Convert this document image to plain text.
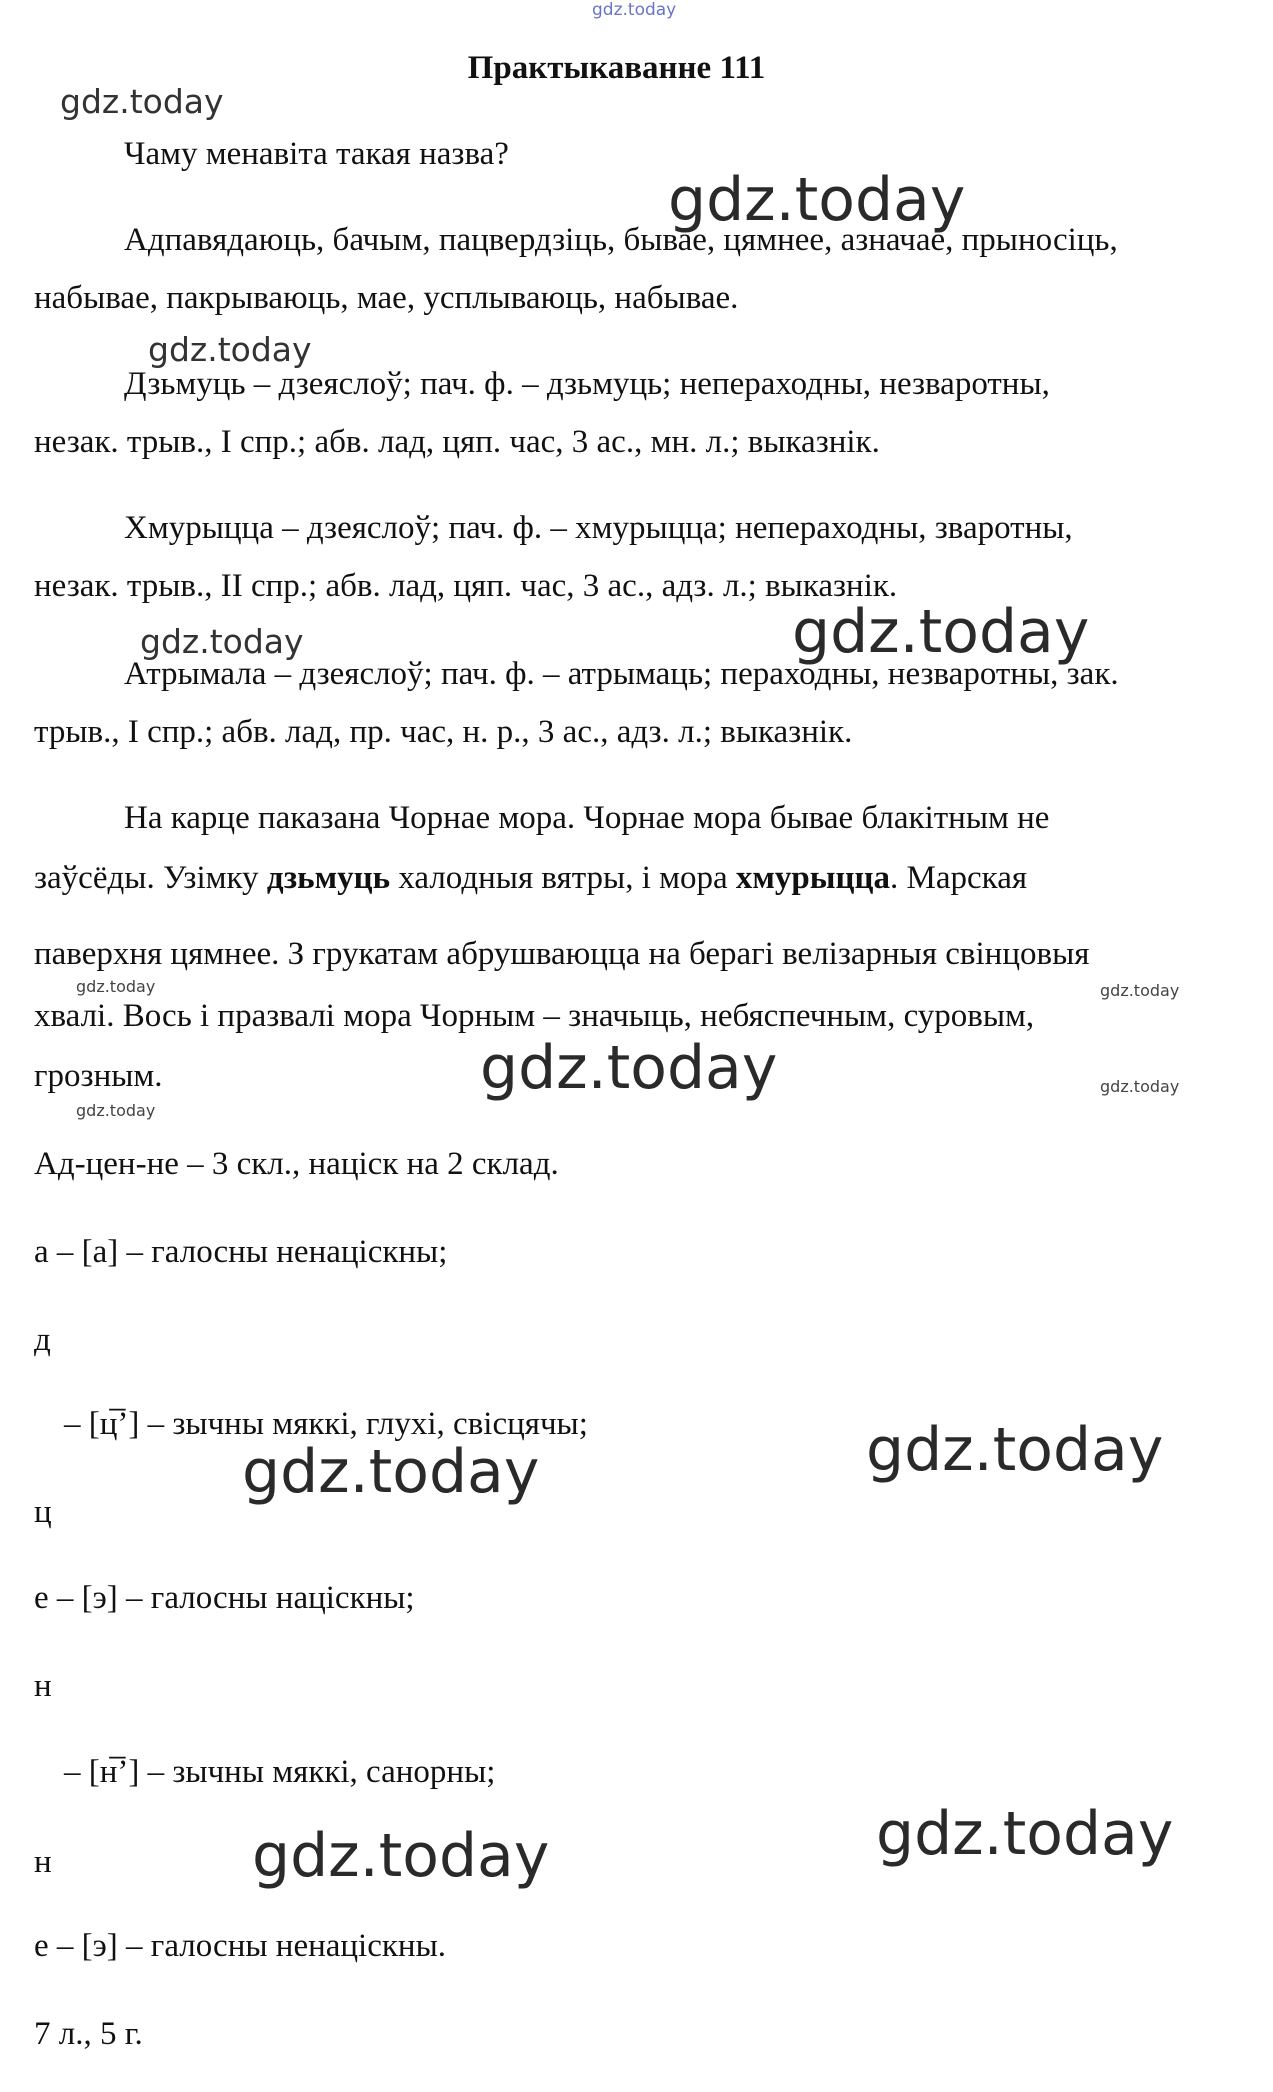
gdz.today

Практыкаванне 111

gdz.today

Чаму менавіта такая назва?

gdz.today

Адпавядаюць, бачым, пацвердзіць, бывае, цямнее, азначае, прыносіць,

набывае, пакрываюць, мае, усплываюць, набывае.

gdz.today

Дзьмуць – дзеяслоў; пач. ф. – дзьмуць; непераходны, незваротны,

незак. трыв., I спр.; абв. лад, цяп. час, 3 ас., мн. л.; выказнік.

Хмурыцца – дзеяслоў; пач. ф. – хмурыцца; непераходны, зваротны,

незак. трыв., II спр.; абв. лад, цяп. час, 3 ас., адз. л.; выказнік.

gdz.today	gdz.today

Атрымала – дзеяслоў; пач. ф. – атрымаць; пераходны, незваротны, зак.

трыв., I спр.; абв. лад, пр. час, н. р., 3 ас., адз. л.; выказнік.

На карце паказана Чорнае мора. Чорнае мора бывае блакітным не

заўсёды. Узімку дзьмуць халодныя вятры, і мора хмурыцца. Марская

паверхня цямнее. З грукатам абрушваюцца на берагі велізарныя свінцовыя

gdz.today	gdz.today

хвалі. Вось і празвалі мора Чорным – значыць, небяспечным, суровым,

gdz.today

грозным.

gdz.today

gdz.today

Ад-цен-не – 3 скл., націск на 2 склад.

а – [а] – галосны ненаціскны;

д

– [ц̅’] – зычны мяккі, глухі, свісцячы;	gdz.today

gdz.today

ц

е – [э] – галосны націскны;

н

– [н̅’] – зычны мяккі, санорны;

gdz.today

gdz.today

н

е – [э] – галосны ненаціскны.

7 л., 5 г.
